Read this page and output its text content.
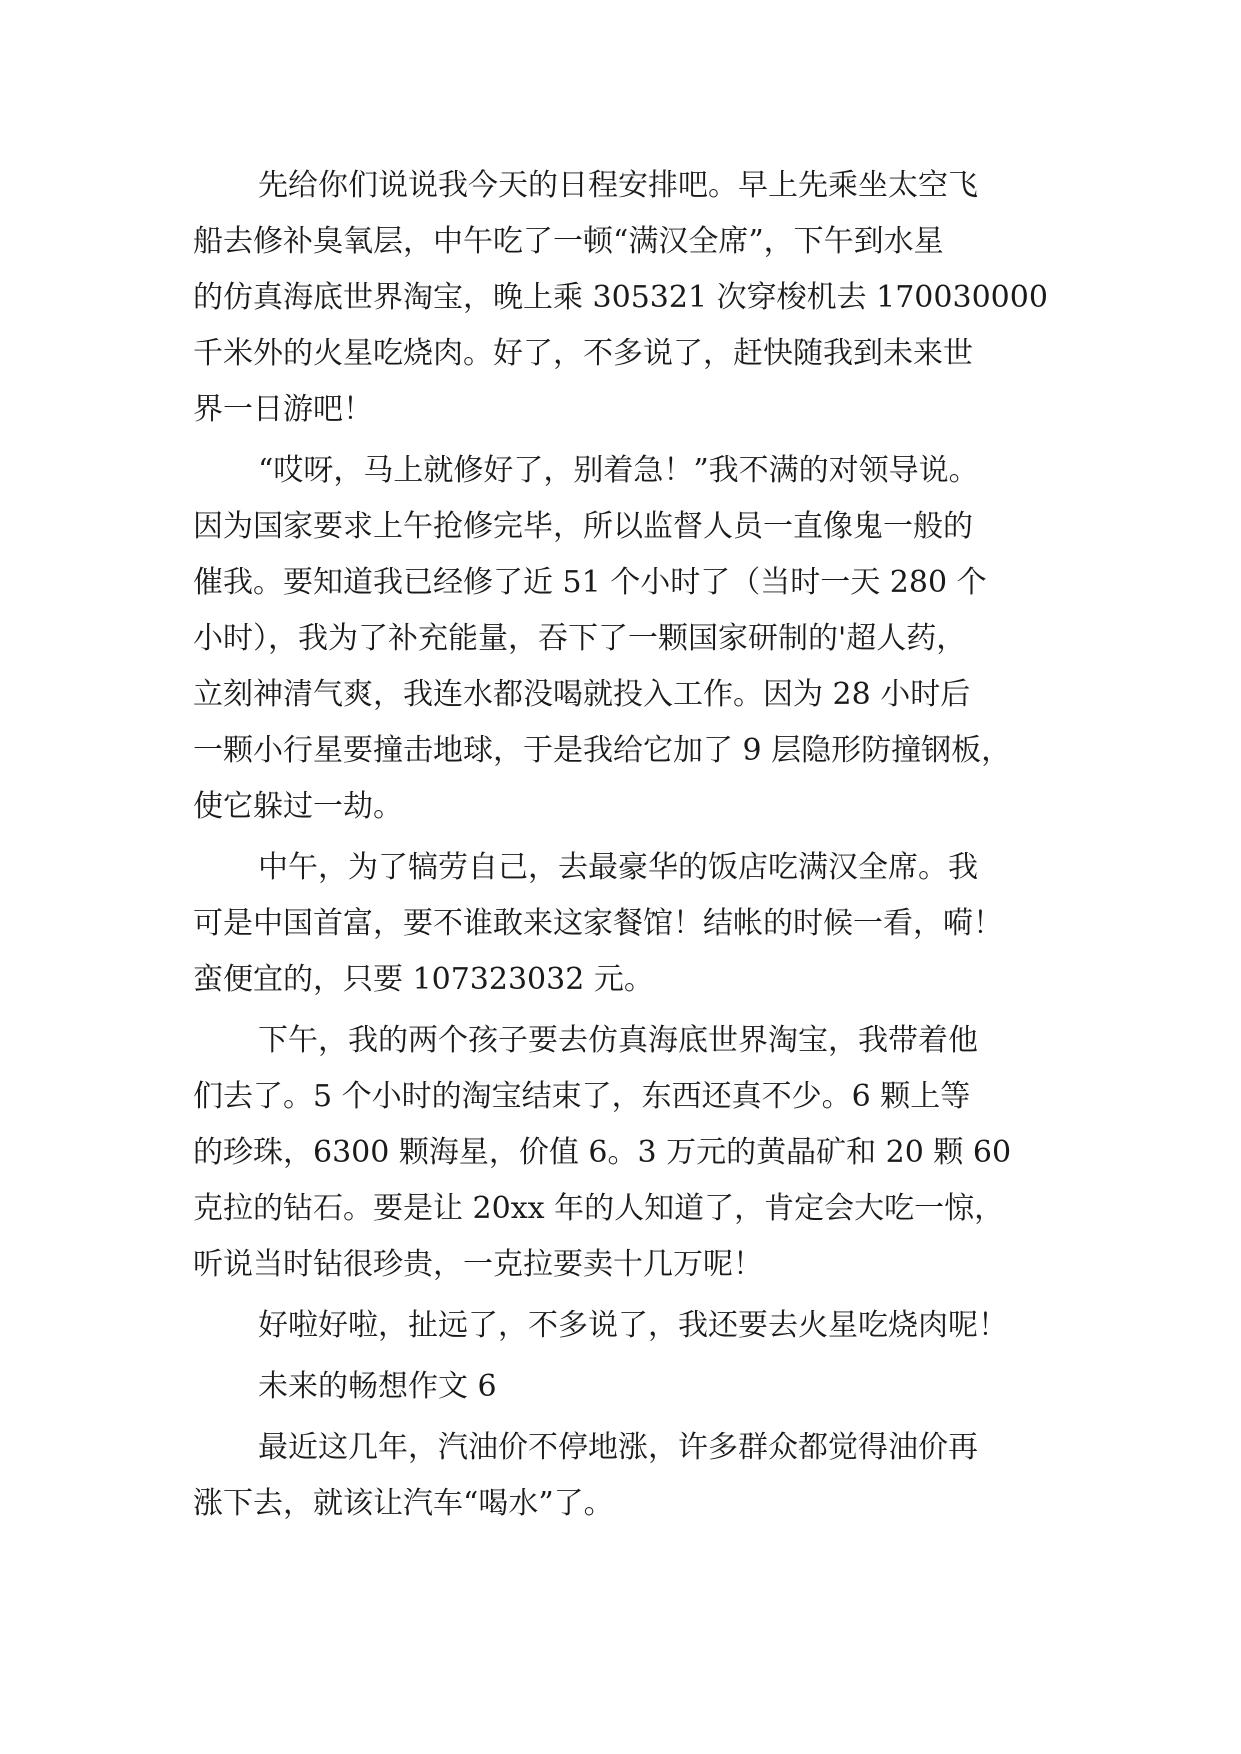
先给你们说说我今天的日程安排吧。早上先乘坐太空飞
船去修补臭氧层，中午吃了一顿“满汉全席”，下午到水星
的仿真海底世界淘宝，晚上乘 305321 次穿梭机去 170030000
千米外的火星吃烧肉。好了，不多说了，赶快随我到未来世
界一日游吧！
“哎呀，马上就修好了，别着急！”我不满的对领导说。
因为国家要求上午抢修完毕，所以监督人员一直像鬼一般的
催我。要知道我已经修了近 51 个小时了（当时一天 280 个
小时），我为了补充能量，吞下了一颗国家研制的'超人药，
立刻神清气爽，我连水都没喝就投入工作。因为 28 小时后
一颗小行星要撞击地球，于是我给它加了 9 层隐形防撞钢板，
使它躲过一劫。
中午，为了犒劳自己，去最豪华的饭店吃满汉全席。我
可是中国首富，要不谁敢来这家餐馆！结帐的时候一看，嗬！
蛮便宜的，只要 107323032 元。
下午，我的两个孩子要去仿真海底世界淘宝，我带着他
们去了。5 个小时的淘宝结束了，东西还真不少。6 颗上等
的珍珠，6300 颗海星，价值 6。3 万元的黄晶矿和 20 颗 60
克拉的钻石。要是让 20xx 年的人知道了，肯定会大吃一惊，
听说当时钻很珍贵，一克拉要卖十几万呢！
好啦好啦，扯远了，不多说了，我还要去火星吃烧肉呢！
未来的畅想作文 6
最近这几年，汽油价不停地涨，许多群众都觉得油价再
涨下去，就该让汽车“喝水”了。
